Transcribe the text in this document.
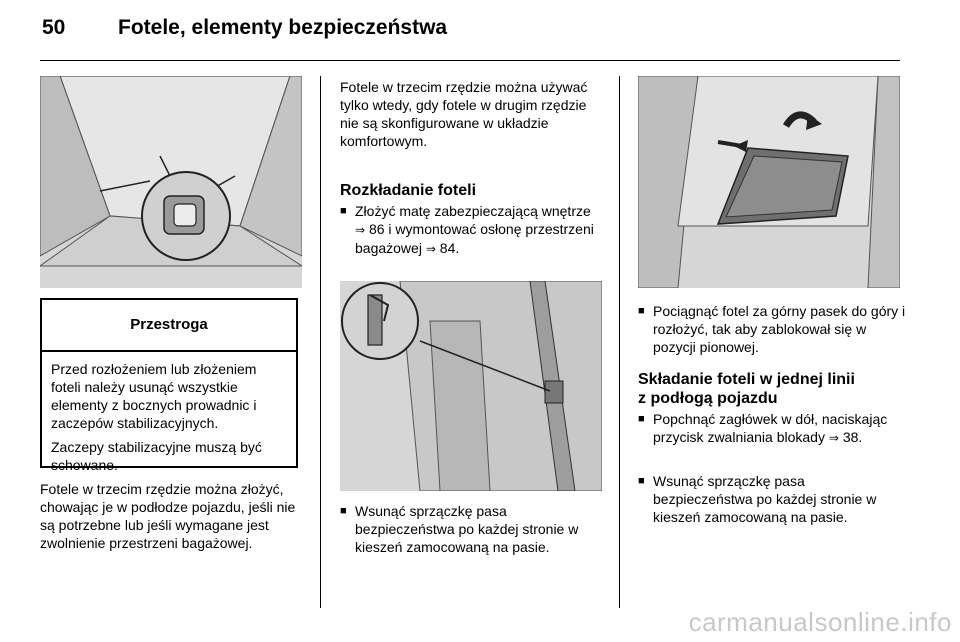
50	Fotele, elementy bezpieczeństwa
Przestroga

Przed rozłożeniem lub złożeniem foteli należy usunąć wszystkie elementy z bocznych prowadnic i zaczepów stabilizacyjnych.

Zaczepy stabilizacyjne muszą być schowane.

Fotele w trzecim rzędzie można złożyć, chowając je w podłodze pojazdu, jeśli nie są potrzebne lub jeśli wymagane jest zwolnienie przestrzeni bagażowej.

Fotele w trzecim rzędzie można używać tylko wtedy, gdy fotele w drugim rzędzie nie są skonfigurowane w układzie komfortowym.

Rozkładanie foteli
■ Złożyć matę zabezpieczającą wnętrze ⇒ 86 i wymontować osłonę przestrzeni bagażowej ⇒ 84.
■ Wsunąć sprzączkę pasa bezpieczeństwa po każdej stronie w kieszeń zamocowaną na pasie.
■ Pociągnąć fotel za górny pasek do góry i rozłożyć, tak aby zablokował się w pozycji pionowej.
Składanie foteli w jednej linii
z podłogą pojazdu
■ Popchnąć zagłówek w dół, naciskając przycisk zwalniania blokady ⇒ 38.
■ Wsunąć sprzączkę pasa bezpieczeństwa po każdej stronie w kieszeń zamocowaną na pasie.
carmanualsonline.info
